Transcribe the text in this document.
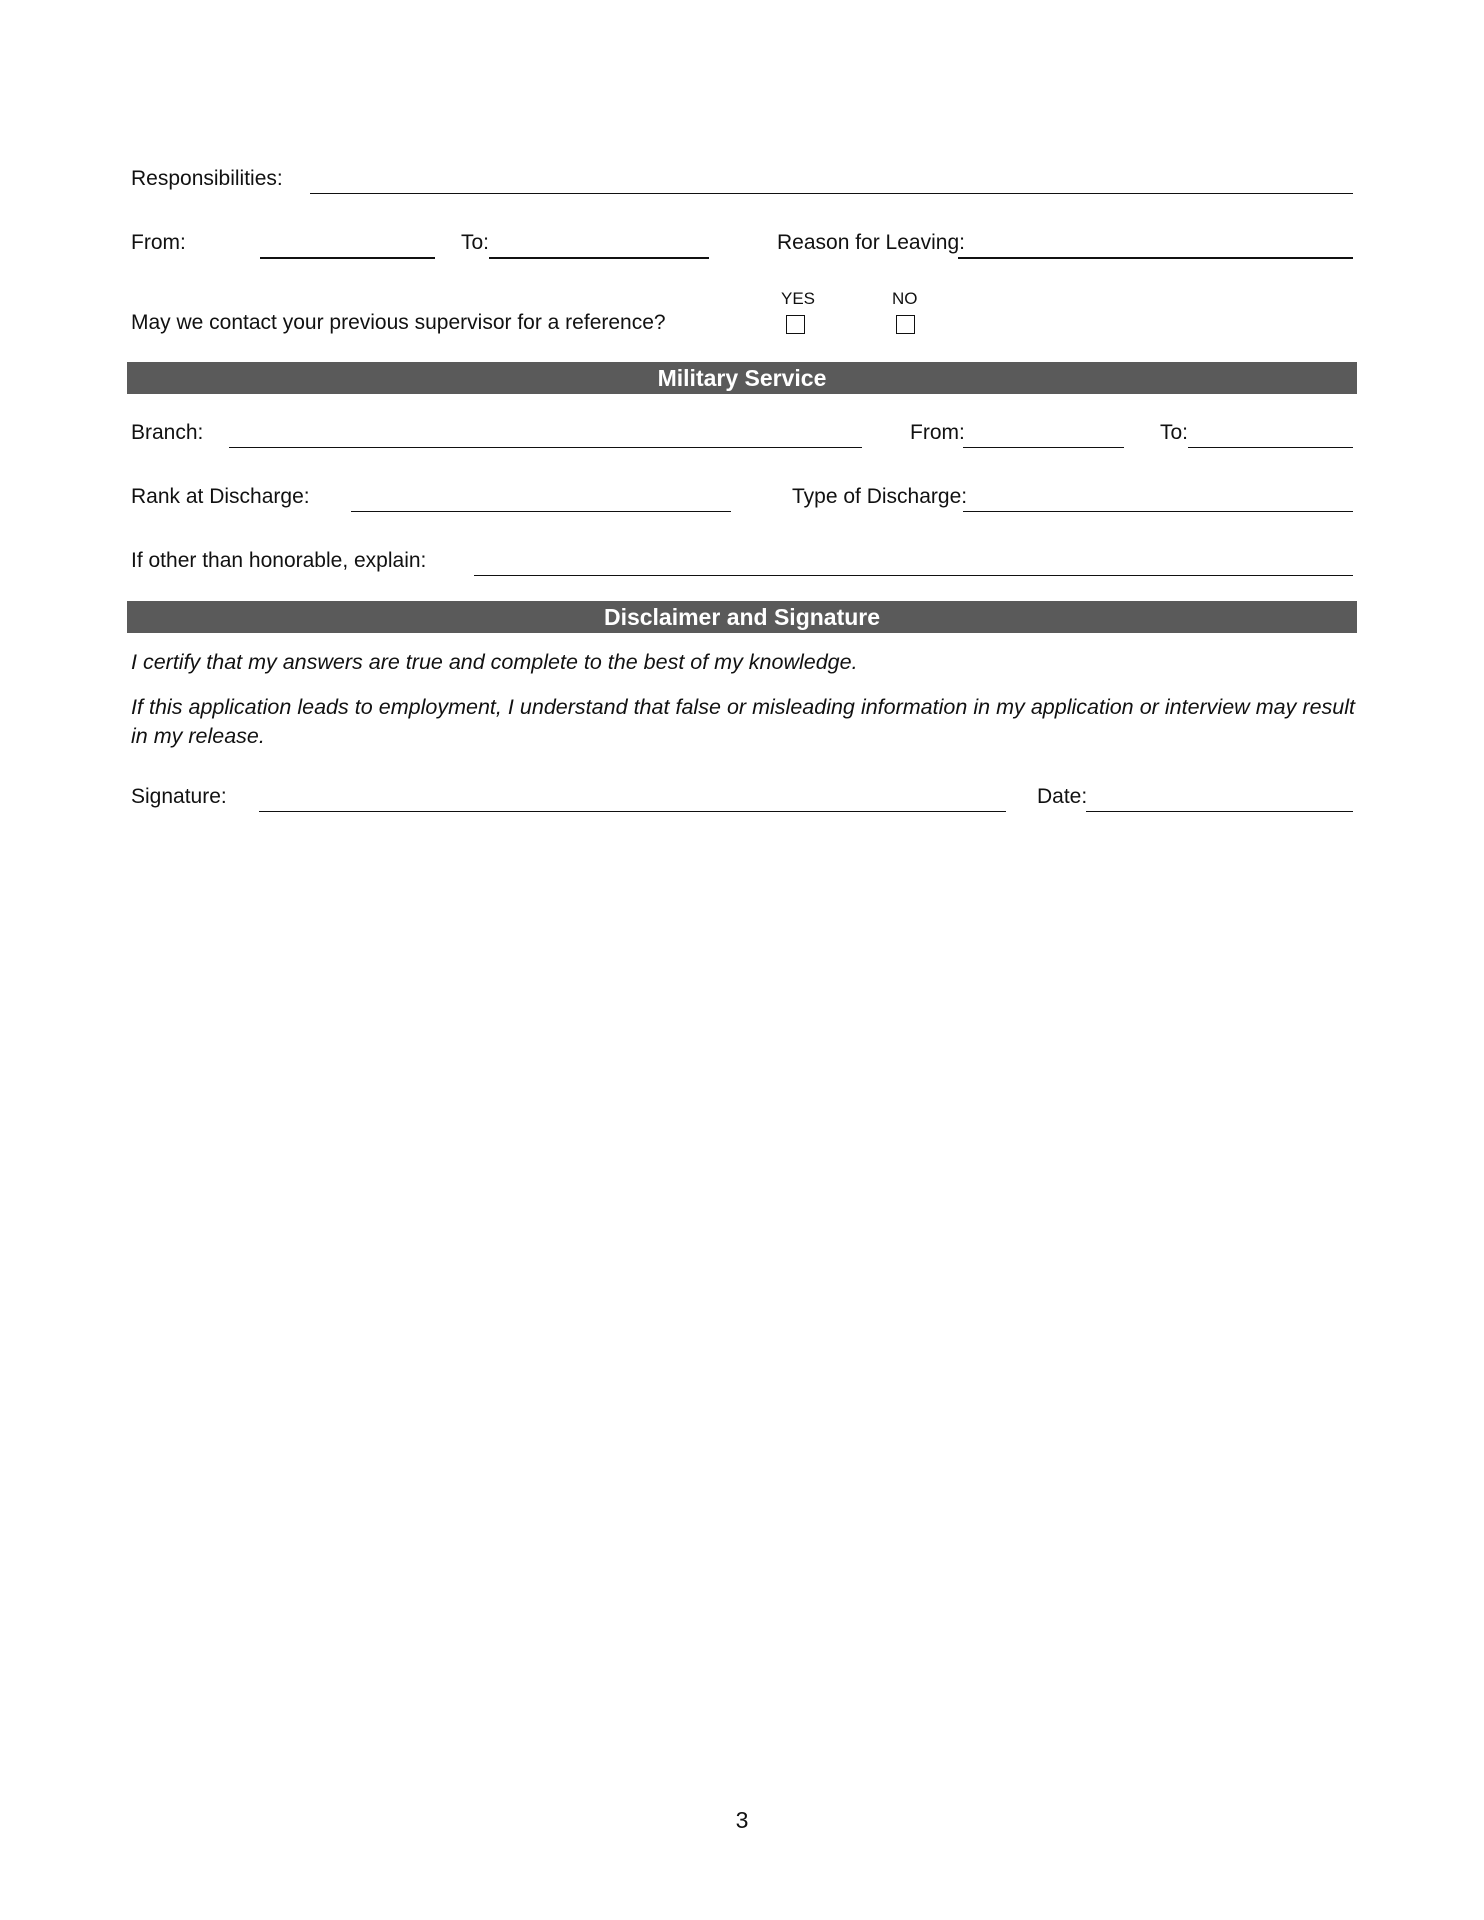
Responsibilities:
From:	To:	Reason for Leaving:
May we contact your previous supervisor for a reference?
YES	NO
Military Service
Branch:	From:	To:
Rank at Discharge:	Type of Discharge:
If other than honorable, explain:
Disclaimer and Signature
I certify that my answers are true and complete to the best of my knowledge.
If this application leads to employment, I understand that false or misleading information in my application or interview may result in my release.
Signature:	Date:
3
